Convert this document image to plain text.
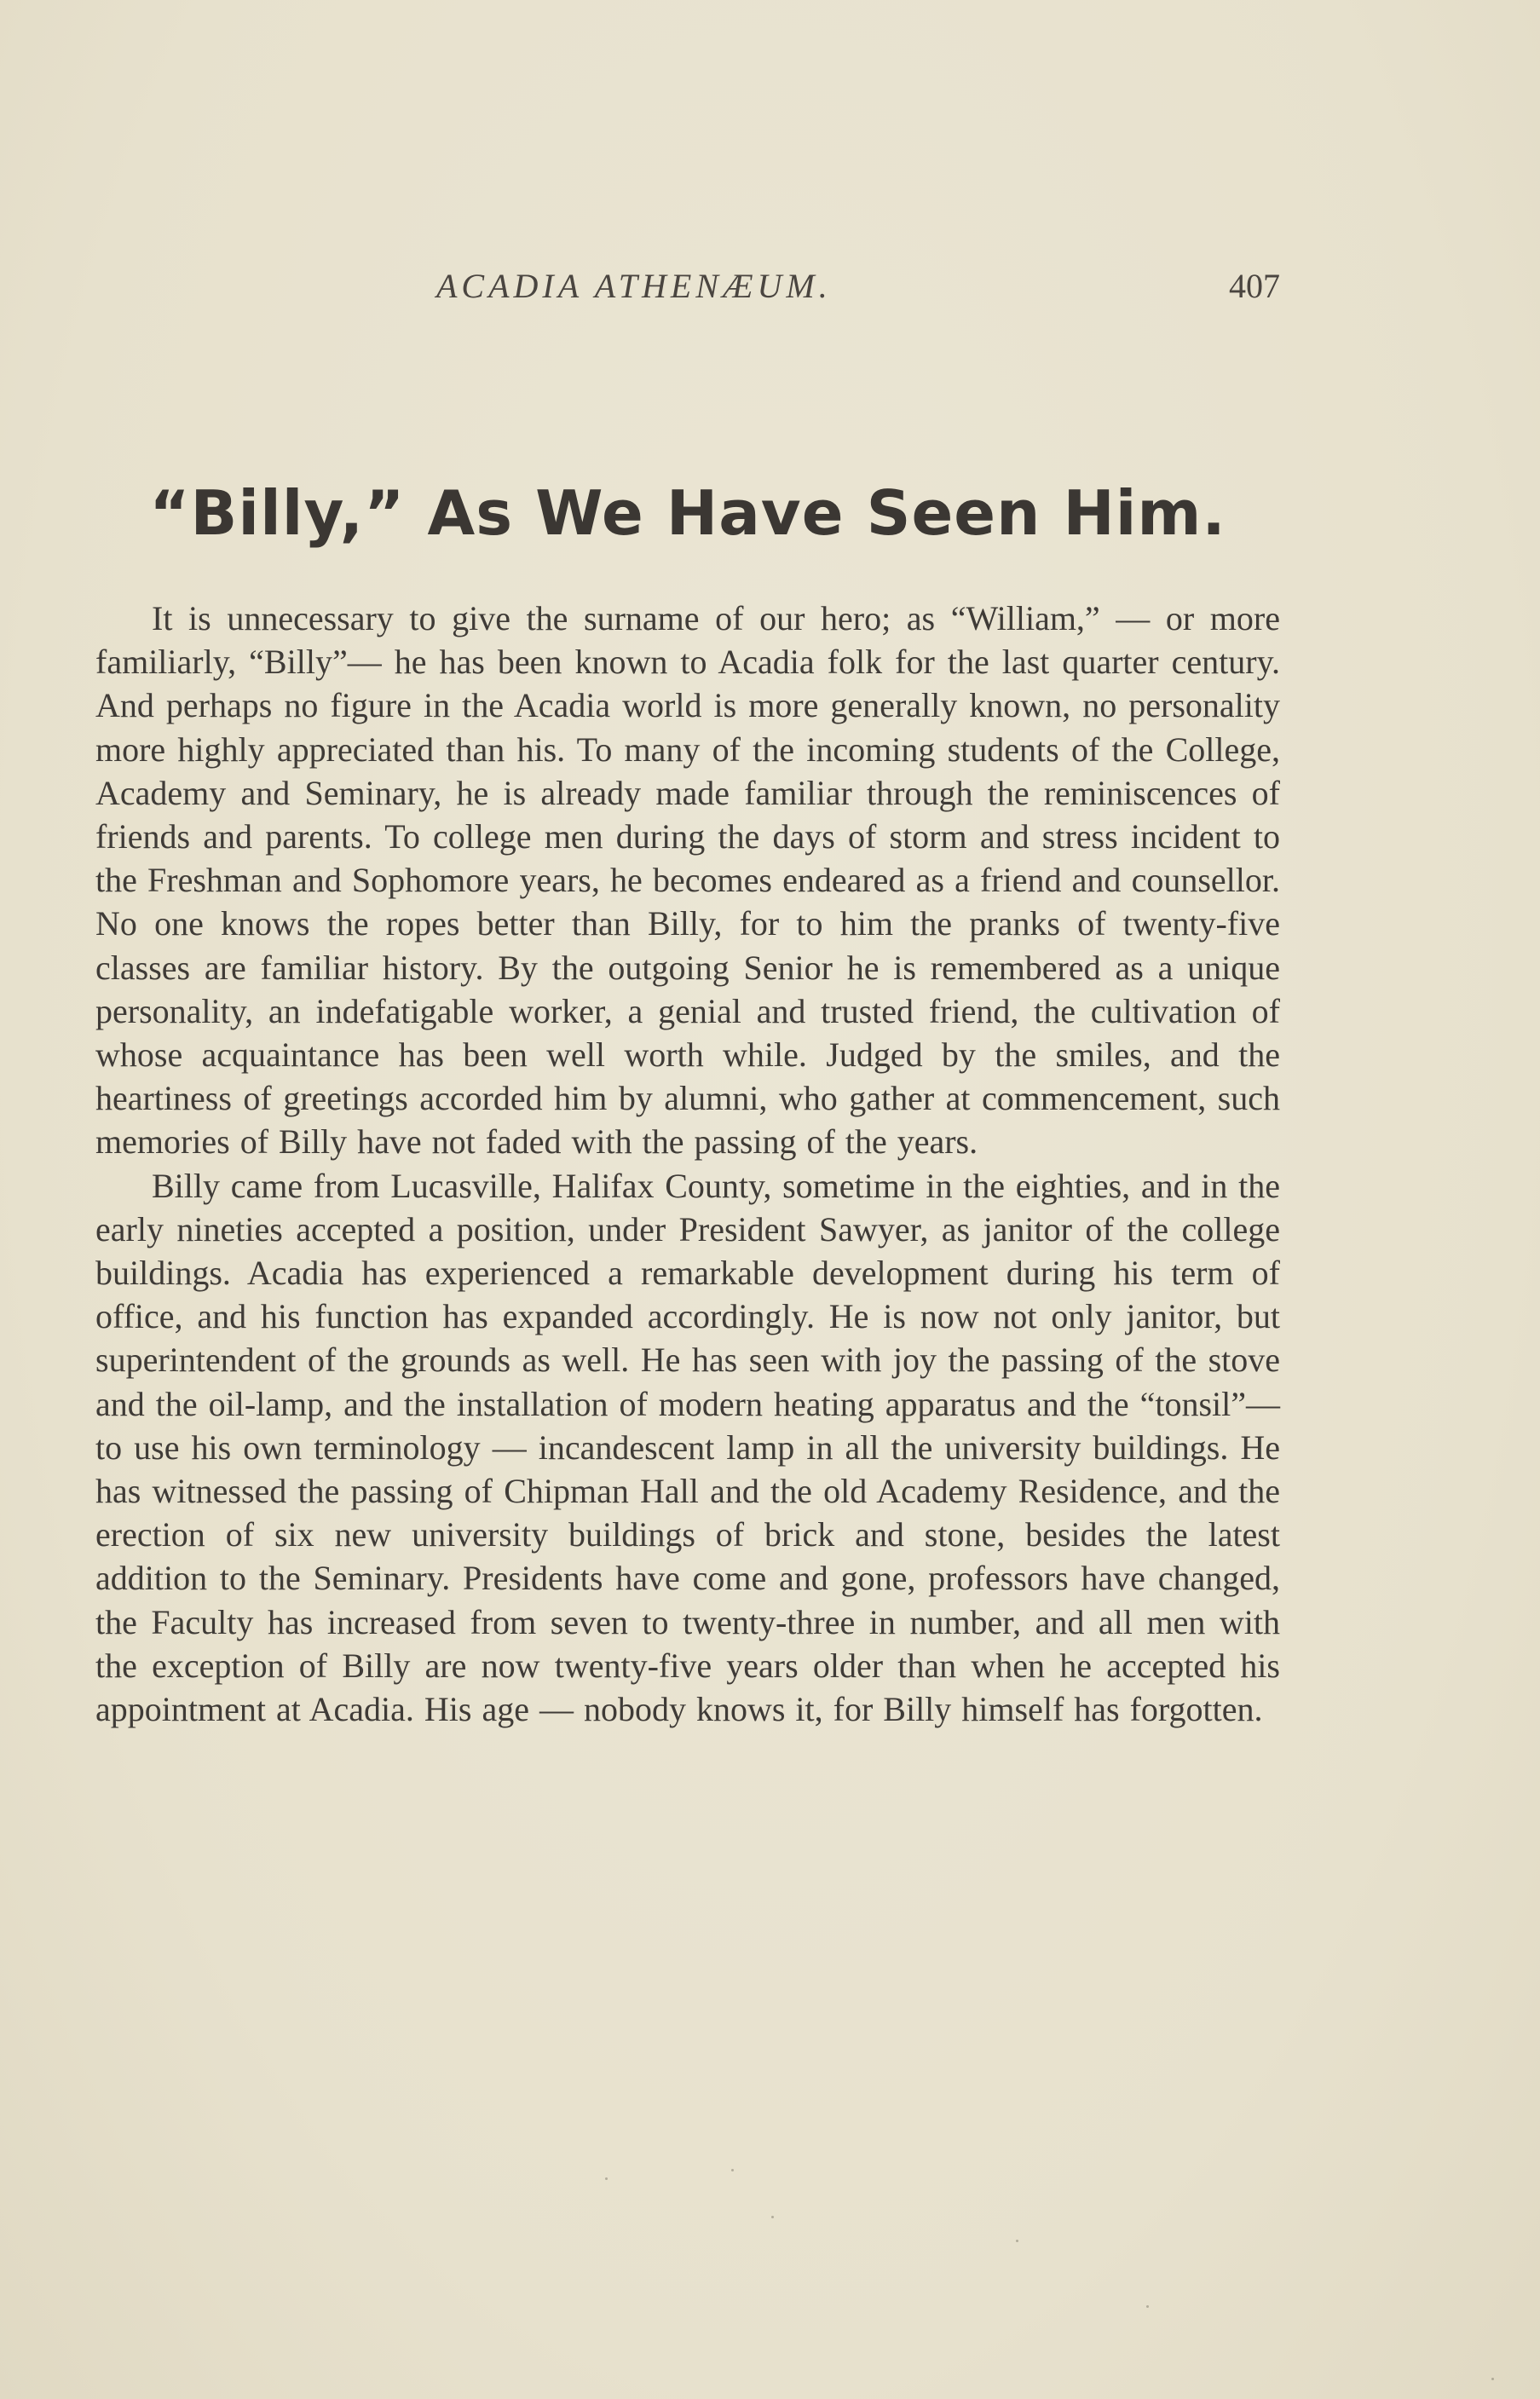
ACADIA ATHENÆUM.	407
“Billy,” As We Have Seen Him.

It is unnecessary to give the surname of our hero; as “William,” — or more familiarly, “Billy”— he has been known to Acadia folk for the last quarter century. And perhaps no figure in the Acadia world is more generally known, no personality more highly appreciated than his. To many of the incoming students of the College, Academy and Seminary, he is already made familiar through the reminiscences of friends and parents. To college men during the days of storm and stress incident to the Freshman and Sophomore years, he becomes endeared as a friend and counsellor. No one knows the ropes better than Billy, for to him the pranks of twenty-five classes are familiar history. By the outgoing Senior he is remembered as a unique personality, an indefatigable worker, a genial and trusted friend, the cultivation of whose acquaintance has been well worth while. Judged by the smiles, and the heartiness of greetings accorded him by alumni, who gather at commencement, such memories of Billy have not faded with the passing of the years.

Billy came from Lucasville, Halifax County, sometime in the eighties, and in the early nineties accepted a position, under President Sawyer, as janitor of the college buildings. Acadia has experienced a remarkable development during his term of office, and his function has expanded accordingly. He is now not only janitor, but superintendent of the grounds as well. He has seen with joy the passing of the stove and the oil-lamp, and the installation of modern heating apparatus and the “tonsil”— to use his own terminology — incandescent lamp in all the university buildings. He has witnessed the passing of Chipman Hall and the old Academy Residence, and the erection of six new university buildings of brick and stone, besides the latest addition to the Seminary. Presidents have come and gone, professors have changed, the Faculty has increased from seven to twenty-three in number, and all men with the exception of Billy are now twenty-five years older than when he accepted his appointment at Acadia. His age — nobody knows it, for Billy himself has forgotten.
